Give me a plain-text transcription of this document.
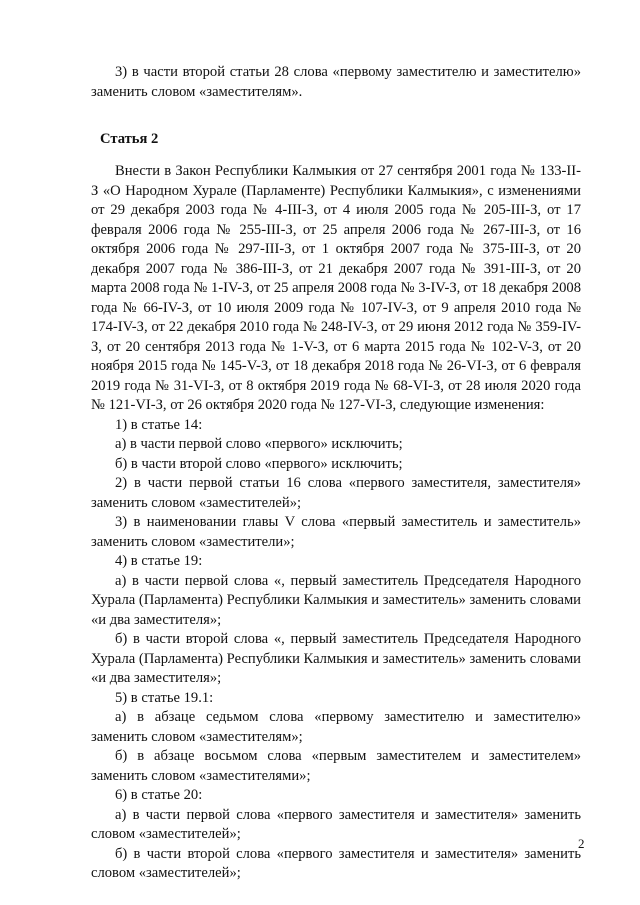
3) в части второй статьи 28 слова «первому заместителю и заместителю» заменить словом «заместителям».

Статья 2

Внести в Закон Республики Калмыкия от 27 сентября 2001 года № 133-II-З «О Народном Хурале (Парламенте) Республики Калмыкия», с изменениями от 29 декабря 2003 года № 4-III-З, от 4 июля 2005 года № 205-III-З, от 17 февраля 2006 года № 255-III-З, от 25 апреля 2006 года № 267-III-З, от 16 октября 2006 года № 297-III-З, от 1 октября 2007 года № 375-III-З, от 20 декабря 2007 года № 386-III-З, от 21 декабря 2007 года № 391-III-З, от 20 марта 2008 года № 1-IV-З, от 25 апреля 2008 года № 3-IV-З, от 18 декабря 2008 года № 66-IV-З, от 10 июля 2009 года № 107-IV-З, от 9 апреля 2010 года № 174-IV-З, от 22 декабря 2010 года № 248-IV-З, от 29 июня 2012 года № 359-IV-З, от 20 сентября 2013 года № 1-V-З, от 6 марта 2015 года № 102-V-З, от 20 ноября 2015 года № 145-V-З, от 18 декабря 2018 года № 26-VI-З, от 6 февраля 2019 года № 31-VI-З, от 8 октября 2019 года № 68-VI-З, от 28 июля 2020 года № 121-VI-З, от 26 октября 2020 года № 127-VI-З, следующие изменения:

1) в статье 14:

а) в части первой слово «первого» исключить;

б) в части второй слово «первого» исключить;

2) в части первой статьи 16 слова «первого заместителя, заместителя» заменить словом «заместителей»;

3) в наименовании главы V слова «первый заместитель и заместитель» заменить словом «заместители»;

4) в статье 19:

а) в части первой слова «, первый заместитель Председателя Народного Хурала (Парламента) Республики Калмыкия и заместитель» заменить словами «и два заместителя»;

б) в части второй слова «, первый заместитель Председателя Народного Хурала (Парламента) Республики Калмыкия и заместитель» заменить словами «и два заместителя»;

5) в статье 19.1:

а) в абзаце седьмом слова «первому заместителю и заместителю» заменить словом «заместителям»;

б) в абзаце восьмом слова «первым заместителем и заместителем» заменить словом «заместителями»;

6) в статье 20:

а) в части первой слова «первого заместителя и заместителя» заменить словом «заместителей»;

б) в части второй слова «первого заместителя и заместителя» заменить словом «заместителей»;

2
